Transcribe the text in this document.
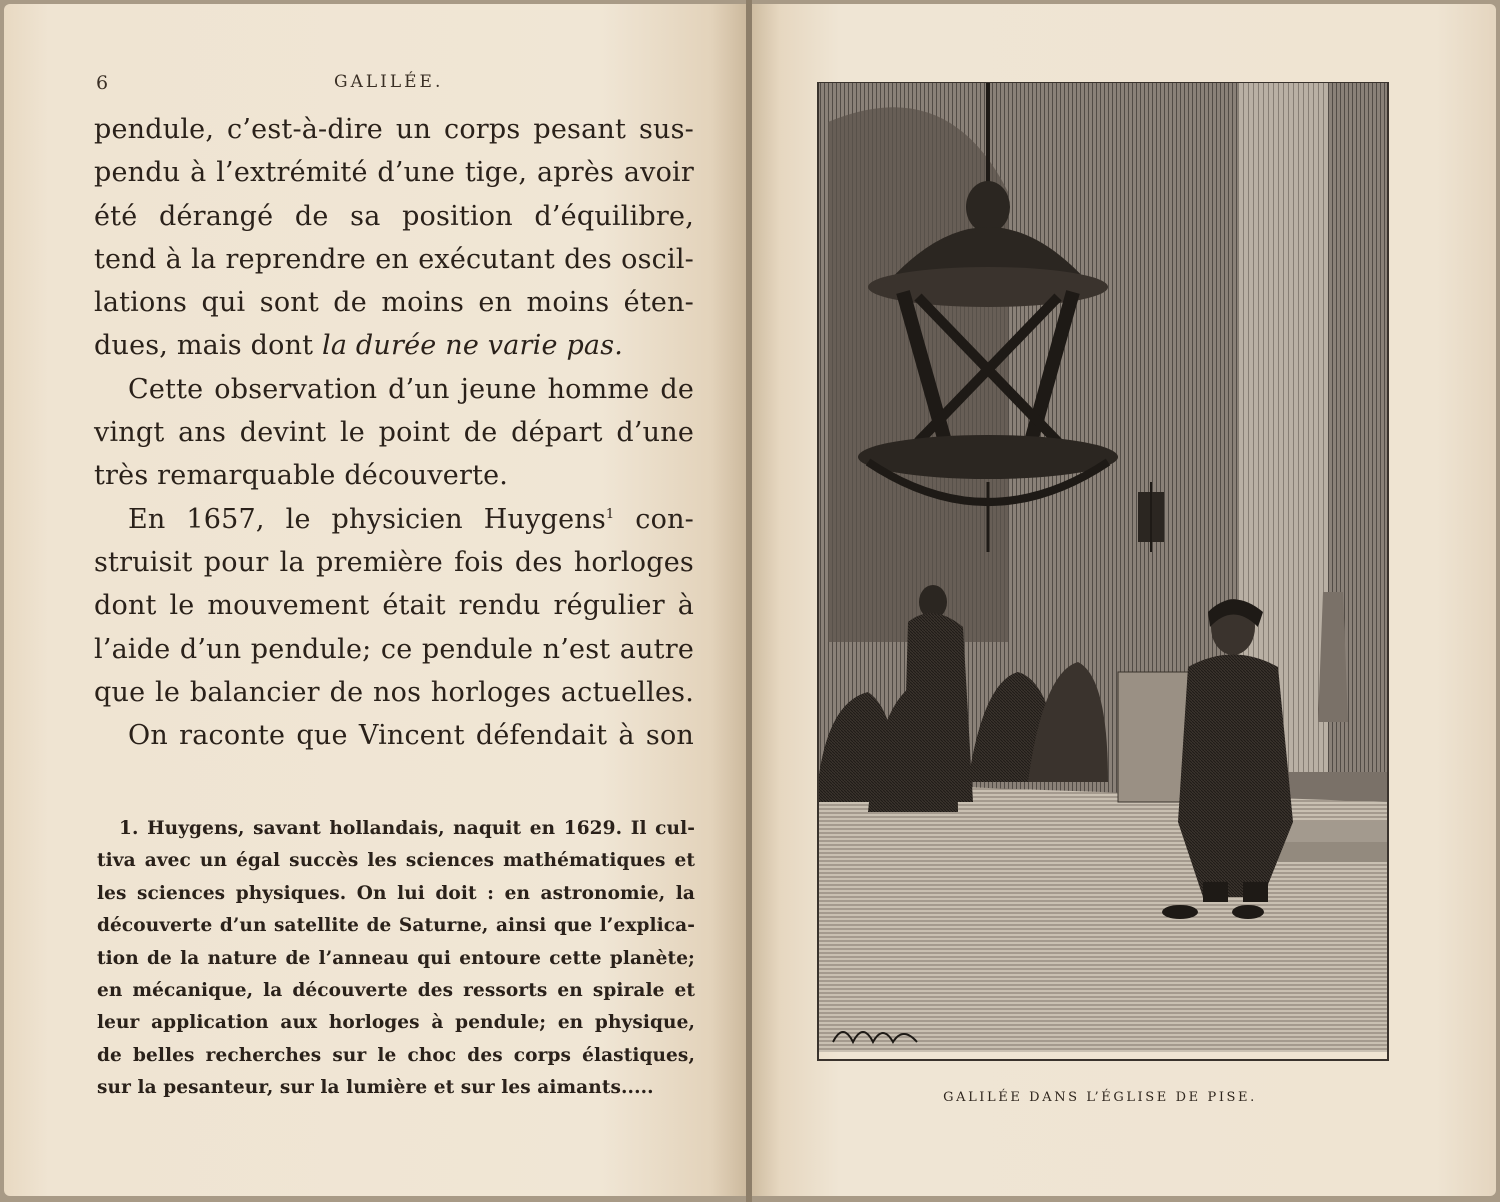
6	GALILÉE.
pendule, c’est-à-dire un corps pesant sus-
pendu à l’extrémité d’une tige, après avoir
été dérangé de sa position d’équilibre,
tend à la reprendre en exécutant des oscil-
lations qui sont de moins en moins éten-
dues, mais dont la durée ne varie pas.
Cette observation d’un jeune homme de
vingt ans devint le point de départ d’une
très remarquable découverte.
En 1657, le physicien Huygens$^1$ con-
struisit pour la première fois des horloges
dont le mouvement était rendu régulier à
l’aide d’un pendule; ce pendule n’est autre
que le balancier de nos horloges actuelles.
On raconte que Vincent défendait à son
1. Huygens, savant hollandais, naquit en 1629. Il cul-
tiva avec un égal succès les sciences mathématiques et
les sciences physiques. On lui doit : en astronomie, la
découverte d’un satellite de Saturne, ainsi que l’explica-
tion de la nature de l’anneau qui entoure cette planète;
en mécanique, la découverte des ressorts en spirale et
leur application aux horloges à pendule; en physique,
de belles recherches sur le choc des corps élastiques,
sur la pesanteur, sur la lumière et sur les aimants.....	GALILÉE DANS L’ÉGLISE DE PISE.
